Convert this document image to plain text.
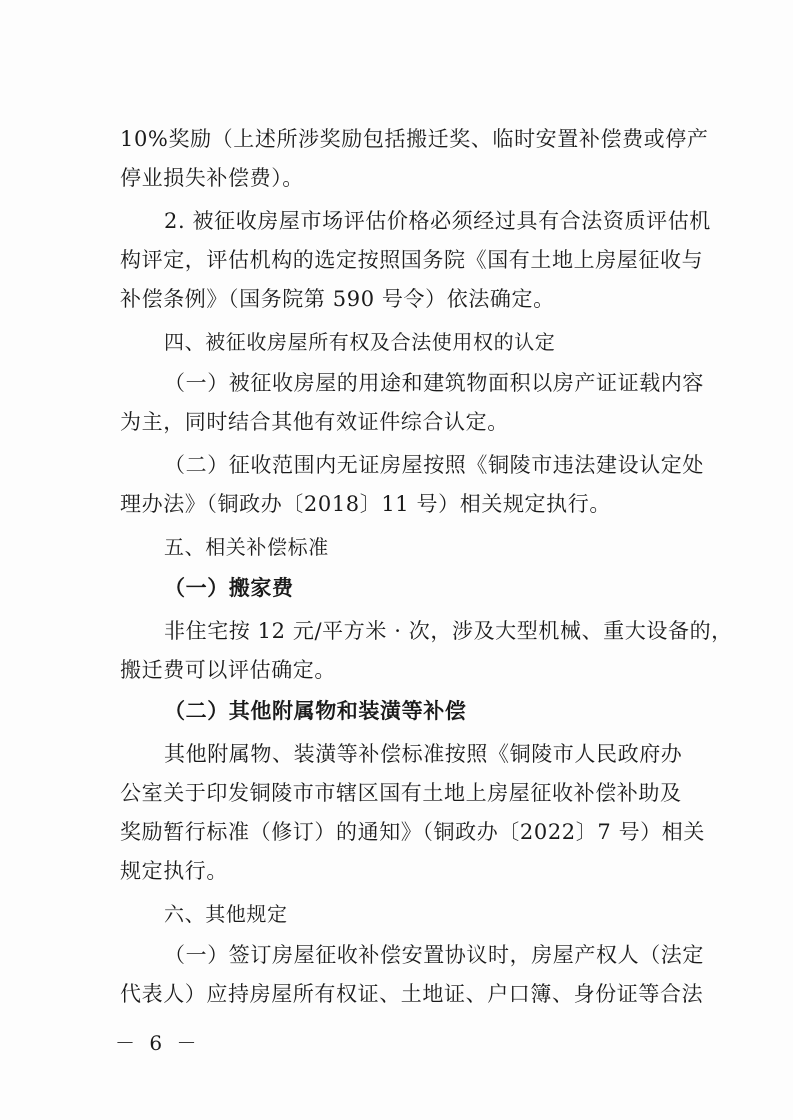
10%奖励（上述所涉奖励包括搬迁奖、临时安置补偿费或停产
停业损失补偿费）。
2. 被征收房屋市场评估价格必须经过具有合法资质评估机
构评定，评估机构的选定按照国务院《国有土地上房屋征收与
补偿条例》（国务院第 590 号令）依法确定。
四、被征收房屋所有权及合法使用权的认定
（一）被征收房屋的用途和建筑物面积以房产证证载内容
为主，同时结合其他有效证件综合认定。
（二）征收范围内无证房屋按照《铜陵市违法建设认定处
理办法》（铜政办〔2018〕11 号）相关规定执行。
五、相关补偿标准
（一）搬家费
非住宅按 12 元/平方米 · 次，涉及大型机械、重大设备的，
搬迁费可以评估确定。
（二）其他附属物和装潢等补偿
其他附属物、装潢等补偿标准按照《铜陵市人民政府办
公室关于印发铜陵市市辖区国有土地上房屋征收补偿补助及
奖励暂行标准（修订）的通知》（铜政办〔2022〕7 号）相关
规定执行。
六、其他规定
（一）签订房屋征收补偿安置协议时，房屋产权人（法定
代表人）应持房屋所有权证、土地证、户口簿、身份证等合法
－ 6 －
